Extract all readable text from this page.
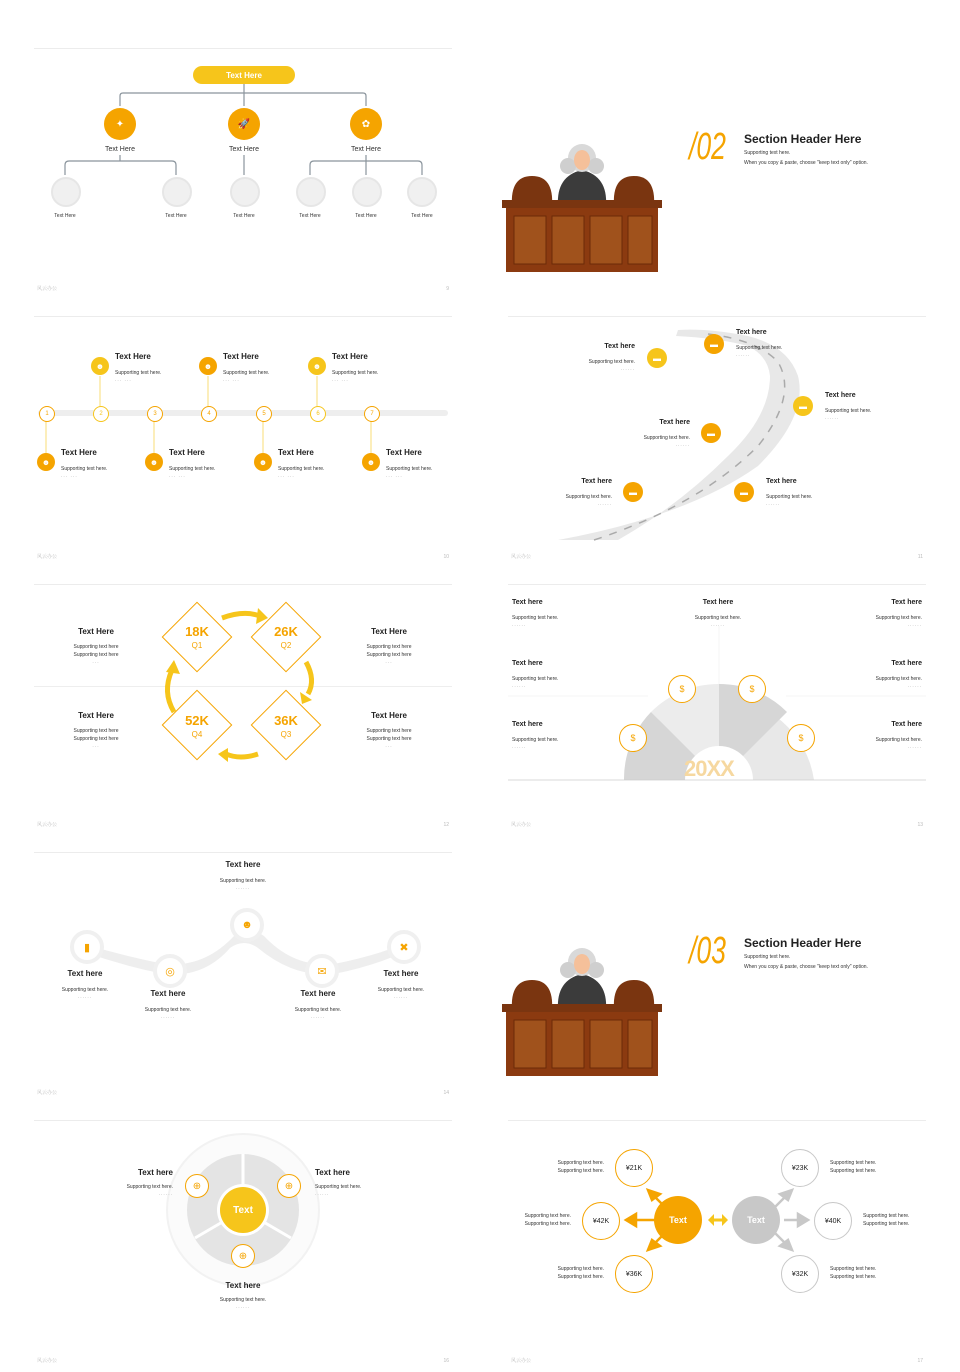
Text Here
✦	🚀	✿
Text Here	Text Here	Text Here
Text Here	Text Here	Text Here	Text Here	Text Here	Text Here
风云办公	9
/02 Section Header Here
Supporting text here.
When you copy & paste, choose "keep text only" option.
1	2	3	4	5	6	7
☻
Text Here
Supporting text here.
... ...
☻
Text Here
Supporting text here.
... ...
☻
Text Here
Supporting text here.
... ...
☻
Text Here
Supporting text here.
... ...
☻
Text Here
Supporting text here.
... ...
☻
Text Here
Supporting text here.
... ...
☻
Text Here
Supporting text here.
... ...
风云办公	10
▬
▬
▬
▬
▬	▬
Text here
Supporting text here.
......
Text here
Supporting text here.
......
Text here
Supporting text here.
......
Text here
Supporting text here.
......
Text here
Supporting text here.
......
Text here
Supporting text here.
......
风云办公	11
18K
Q1
26K
Q2
52K
Q4
36K
Q3
Text Here
Supporting text here
Supporting text here
...
Text Here
Supporting text here
Supporting text here
...
Text Here
Supporting text here
Supporting text here
...
Text Here
Supporting text here
Supporting text here
...
风云办公	12
20XX
$	$
$	$
Text here
Supporting text here.
......
Text here
Supporting text here.
......
Text here
Supporting text here.
......
Text here
Supporting text here.
......
Text here
Supporting text here.
......
Text here
Supporting text here.
......
Text here
Supporting text here.
......
风云办公	13
▮
◎
☻
✉
✖
Text here
Supporting text here.
......
Text here
Supporting text here.
......	Text here
Supporting text here.
......
Text here
Supporting text here.
......
Text here
Supporting text here.
......
风云办公	14
/03 Section Header Here
Supporting text here.
When you copy & paste, choose "keep text only" option.
Text
⊕	⊕
⊕
Text here
Supporting text here.
......
Text here
Supporting text here.
......
Text here
Supporting text here.
......
风云办公	16
Text	Text
¥21K
¥42K
¥36K
¥23K
¥40K
¥32K
Supporting text here.
Supporting text here.
Supporting text here.
Supporting text here.
Supporting text here.
Supporting text here.
Supporting text here.
Supporting text here.
Supporting text here.
Supporting text here.
Supporting text here.
Supporting text here.
风云办公	17
